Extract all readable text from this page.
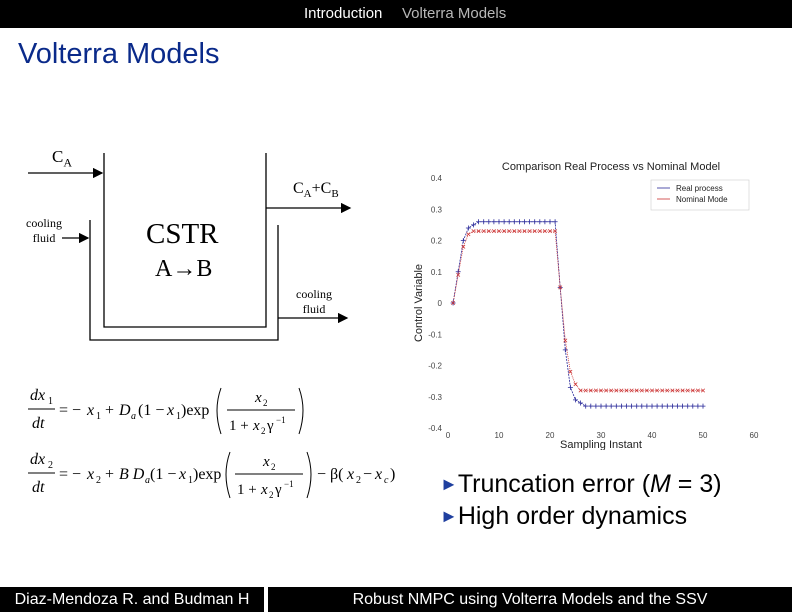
Introduction Volterra Models
Volterra Models
$C_A$
$C_A+C_B$
cooling
fluid
cooling
fluid
CSTR
A→B
dx 1
dt
= − x 1 + D a (1 − x 1 )exp
x 2
1 + x 2 γ −1
dx 2
dt
= − x 2 + B D a (1 − x 1 )exp
x 2
1 + x 2 γ −1
− β( x 2 − x c )
Comparison Real Process vs Nominal Model
Sampling Instant
Control Variable
0.4
0.3
0.2
0.1
0
-0.1
-0.2
-0.3
-0.4
0	10	20	30	40	50	60
Real process
Nominal Mode
►Truncation error (M = 3)
►High order dynamics
Diaz-Mendoza R. and Budman H	Robust NMPC using Volterra Models and the SSV
